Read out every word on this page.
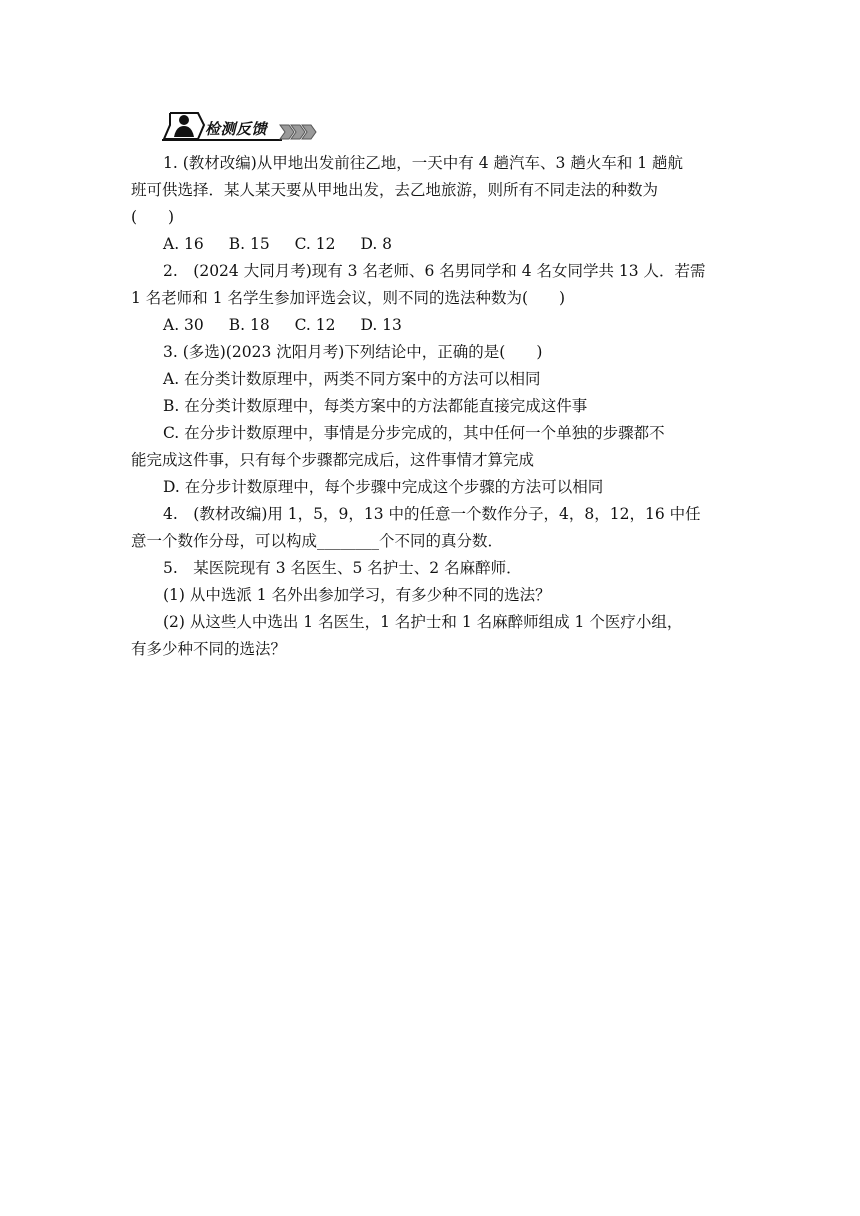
检测反馈

1. (教材改编)从甲地出发前往乙地，一天中有 4 趟汽车、3 趟火车和 1 趟航

班可供选择．某人某天要从甲地出发，去乙地旅游，则所有不同走法的种数为

(　　)

A. 16 B. 15 C. 12 D. 8

2.　(2024 大同月考)现有 3 名老师、6 名男同学和 4 名女同学共 13 人．若需

1 名老师和 1 名学生参加评选会议，则不同的选法种数为(　　)

A. 30 B. 18 C. 12 D. 13

3. (多选)(2023 沈阳月考)下列结论中，正确的是(　　)

A. 在分类计数原理中，两类不同方案中的方法可以相同

B. 在分类计数原理中，每类方案中的方法都能直接完成这件事

C. 在分步计数原理中，事情是分步完成的，其中任何一个单独的步骤都不

能完成这件事，只有每个步骤都完成后，这件事情才算完成

D. 在分步计数原理中，每个步骤中完成这个步骤的方法可以相同

4.　(教材改编)用 1，5，9，13 中的任意一个数作分子，4，8，12，16 中任

意一个数作分母，可以构成________个不同的真分数．

5.　某医院现有 3 名医生、5 名护士、2 名麻醉师．

(1) 从中选派 1 名外出参加学习，有多少种不同的选法？

(2) 从这些人中选出 1 名医生，1 名护士和 1 名麻醉师组成 1 个医疗小组，

有多少种不同的选法？
